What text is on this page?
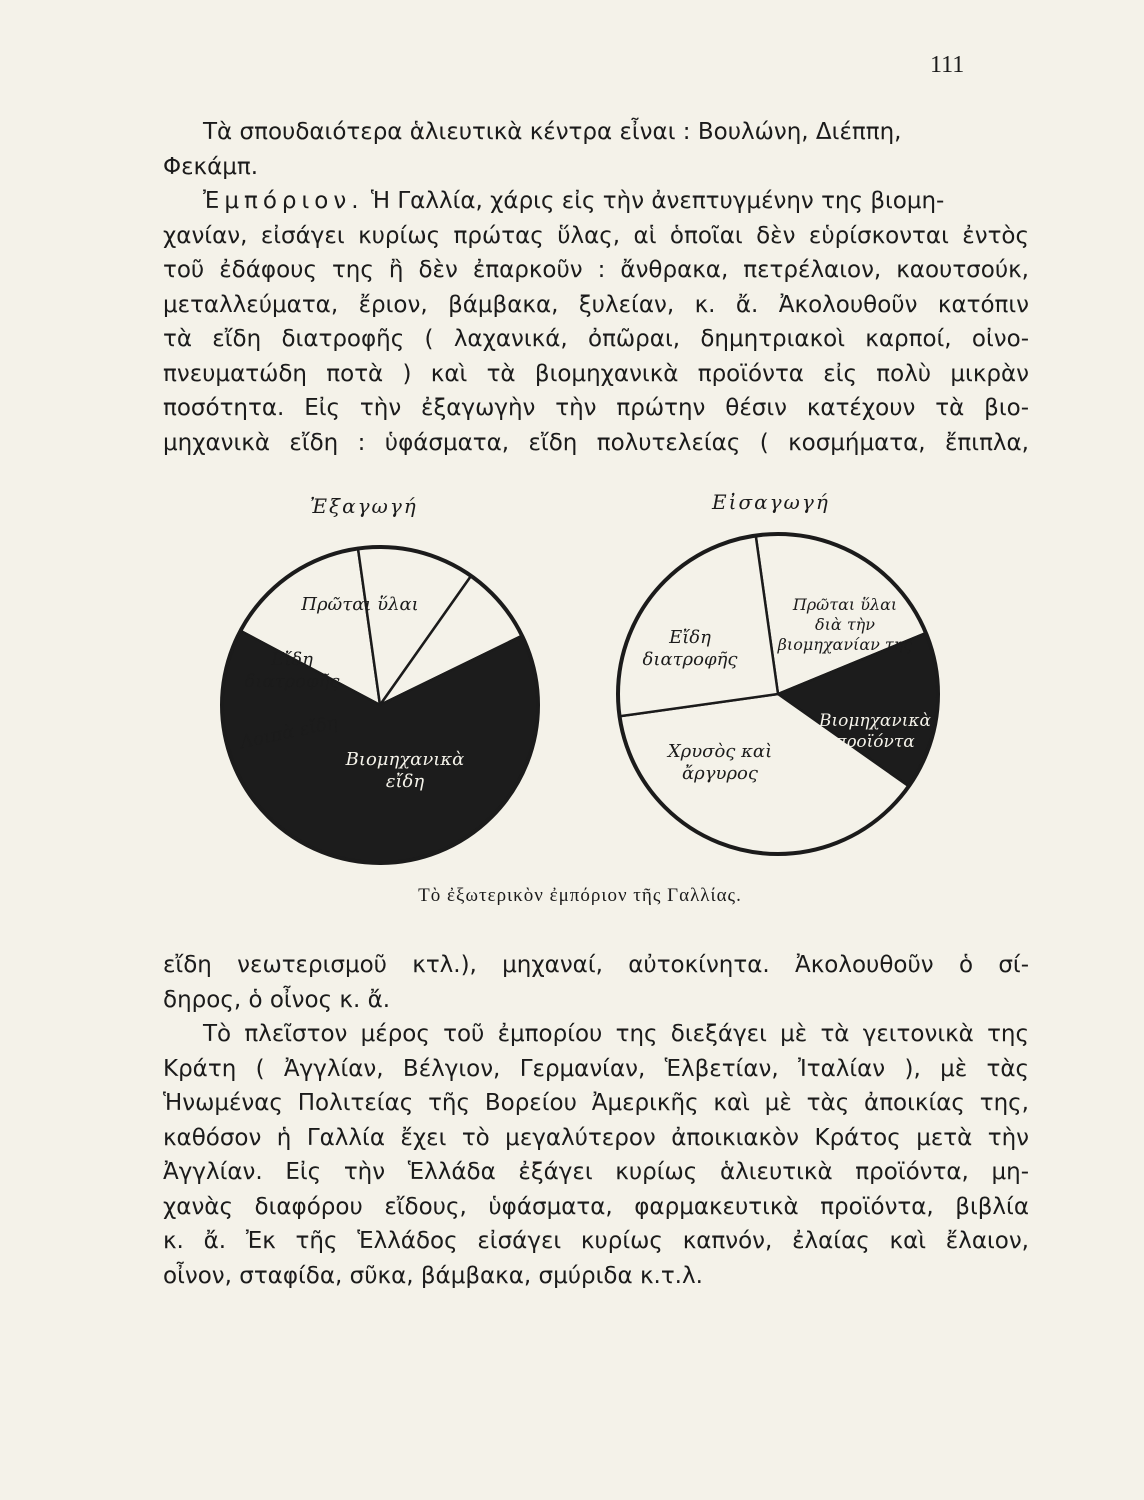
111
Τὰ σπουδαιότερα ἁλιευτικὰ κέντρα εἶναι : Βουλώνη, Διέππη,
Φεκάμπ.
Ἐμπόριον. Ἡ Γαλλία, χάρις εἰς τὴν ἀνεπτυγμένην της βιομη-
χανίαν, εἰσάγει κυρίως πρώτας ὕλας, αἱ ὁποῖαι δὲν εὑρίσκονται ἐντὸς
τοῦ ἐδάφους της ἢ δὲν ἐπαρκοῦν : ἄνθρακα, πετρέλαιον, καουτσούκ,
μεταλλεύματα, ἔριον, βάμβακα, ξυλείαν, κ. ἄ. Ἀκολουθοῦν κατόπιν
τὰ εἴδη διατροφῆς ( λαχανικά, ὀπῶραι, δημητριακοὶ καρποί, οἰνο-
πνευματώδη ποτὰ ) καὶ τὰ βιομηχανικὰ προϊόντα εἰς πολὺ μικρὰν
ποσότητα. Εἰς τὴν ἐξαγωγὴν τὴν πρώτην θέσιν κατέχουν τὰ βιο-
μηχανικὰ εἴδη : ὑφάσματα, εἴδη πολυτελείας ( κοσμήματα, ἔπιπλα,
Ἐξαγωγή	Εἰσαγωγή
Πρῶται ὕλαι
Εἴδη διατροφῆς
Λοιπὰ εἴδη
Βιομηχανικὰ εἴδη
Πρῶται ὕλαι διὰ τὴν βιομηχανίαν της
Βιομηχανικὰ προϊόντα
Χρυσὸς καὶ ἄργυρος
Εἴδη διατροφῆς
Τὸ ἐξωτερικὸν ἐμπόριον τῆς Γαλλίας.
εἴδη νεωτερισμοῦ κτλ.), μηχαναί, αὐτοκίνητα. Ἀκολουθοῦν ὁ σί-
δηρος, ὁ οἶνος κ. ἄ.
Τὸ πλεῖστον μέρος τοῦ ἐμπορίου της διεξάγει μὲ τὰ γειτονικὰ της
Κράτη ( Ἀγγλίαν, Βέλγιον, Γερμανίαν, Ἑλβετίαν, Ἰταλίαν ), μὲ τὰς
Ἡνωμένας Πολιτείας τῆς Βορείου Ἀμερικῆς καὶ μὲ τὰς ἀποικίας της,
καθόσον ἡ Γαλλία ἔχει τὸ μεγαλύτερον ἀποικιακὸν Κράτος μετὰ τὴν
Ἀγγλίαν. Εἰς τὴν Ἑλλάδα ἐξάγει κυρίως ἁλιευτικὰ προϊόντα, μη-
χανὰς διαφόρου εἴδους, ὑφάσματα, φαρμακευτικὰ προϊόντα, βιβλία
κ. ἄ. Ἐκ τῆς Ἑλλάδος εἰσάγει κυρίως καπνόν, ἐλαίας καὶ ἔλαιον,
οἶνον, σταφίδα, σῦκα, βάμβακα, σμύριδα κ.τ.λ.
